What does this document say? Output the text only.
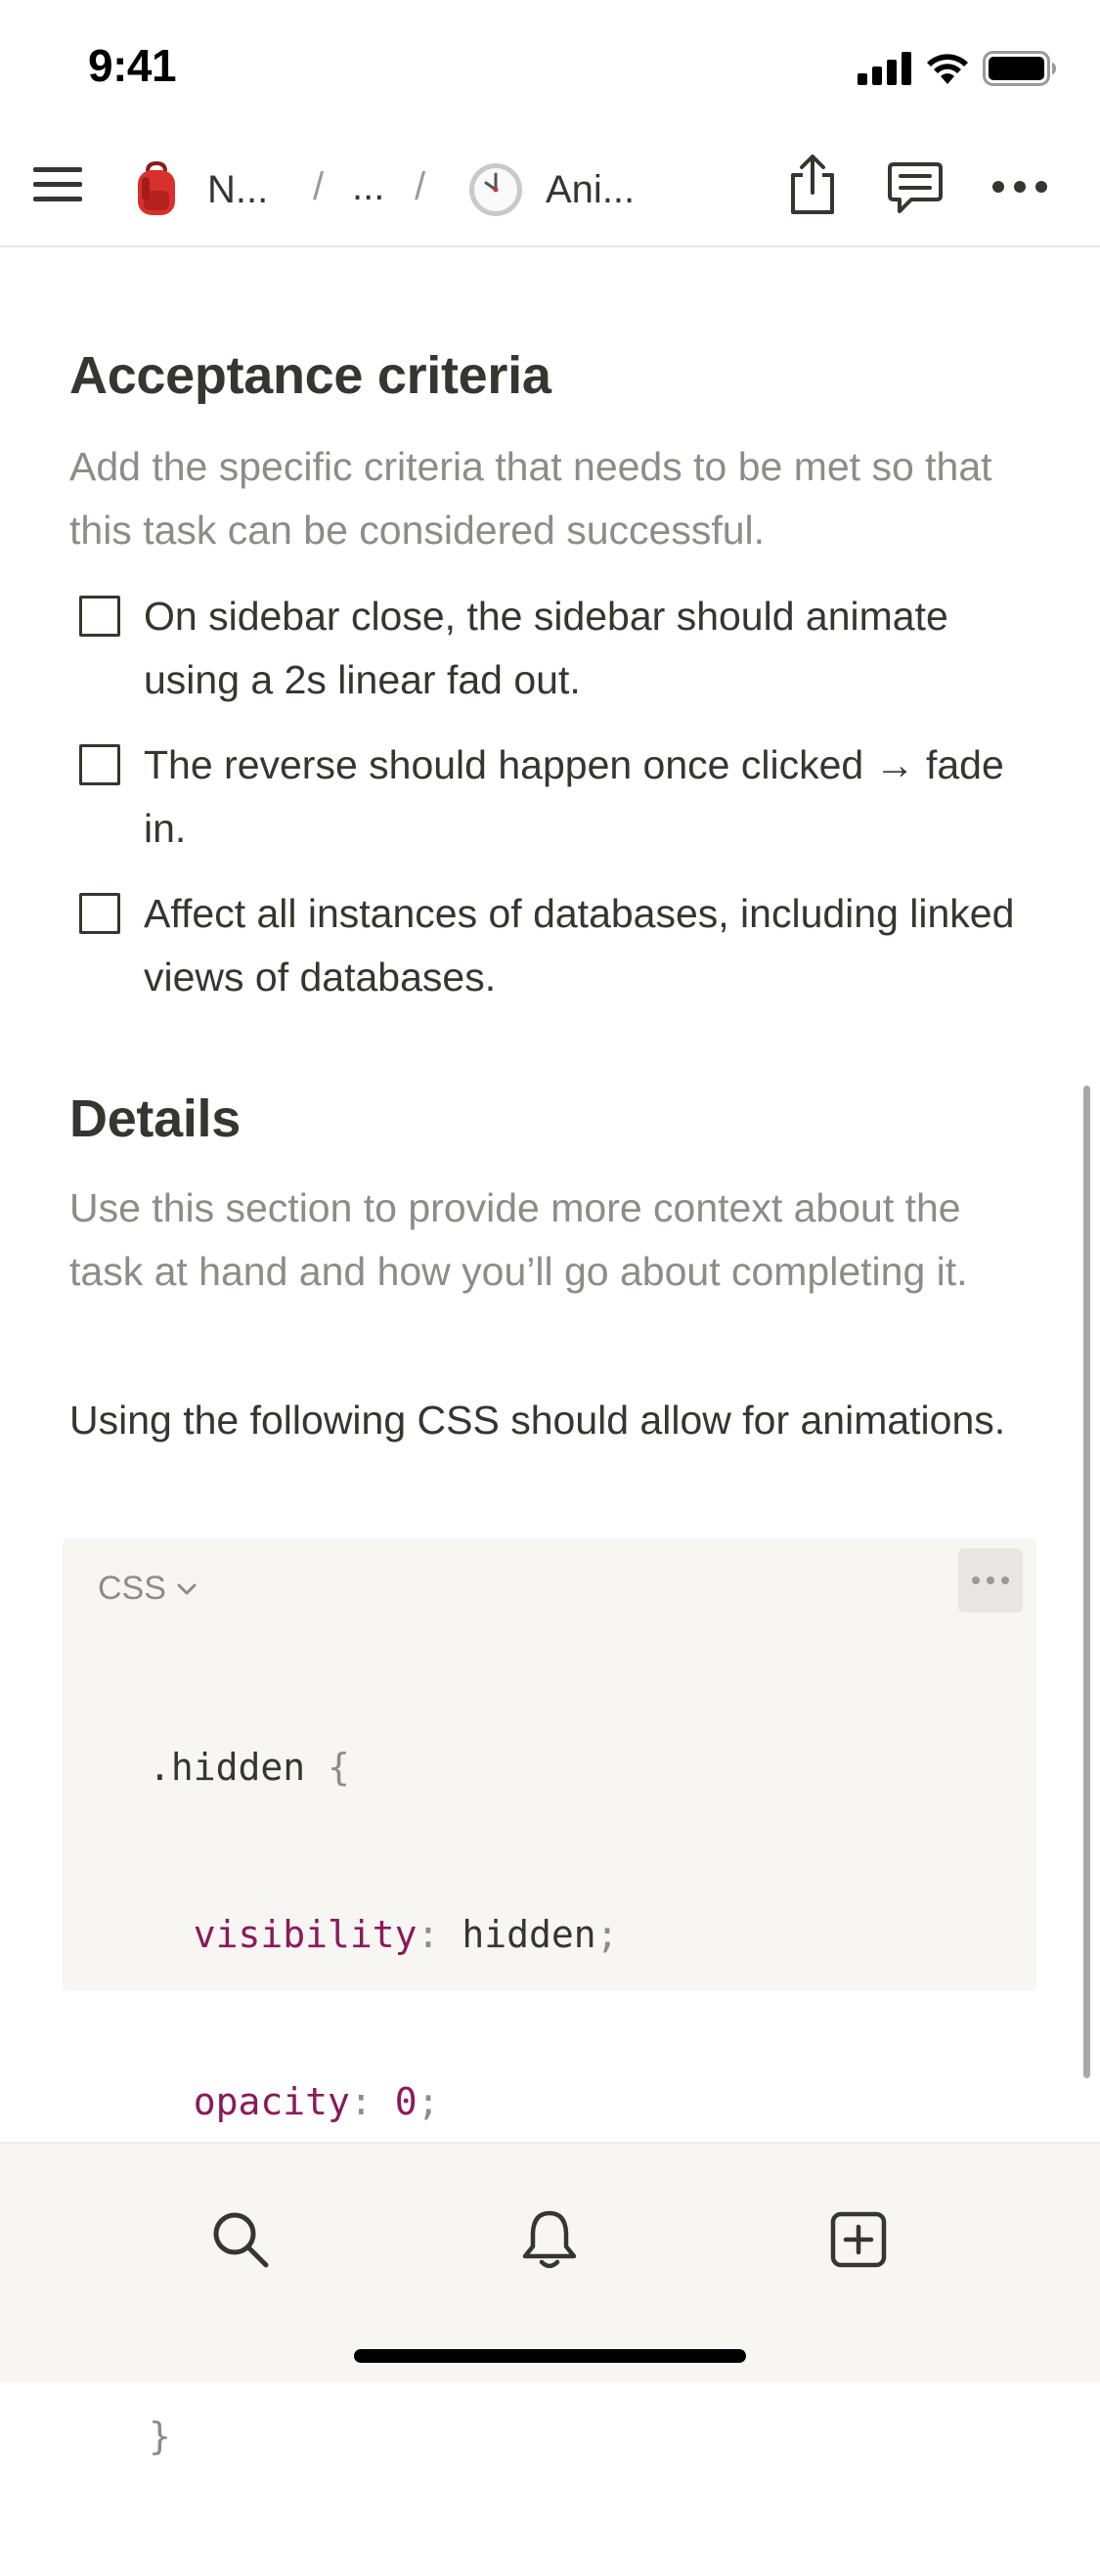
9:41
N... / ... /	Ani...
Acceptance criteria
Add the specific criteria that needs to be met so that this task can be considered successful.
On sidebar close, the sidebar should animate using a 2s linear fad out.
The reverse should happen once clicked → fade in.
Affect all instances of databases, including linked views of databases.
Details
Use this section to provide more context about the task at hand and how you’ll go about completing it.
Using the following CSS should allow for animations.
CSS

.hidden {

visibility: hidden;

opacity: 0;

}
